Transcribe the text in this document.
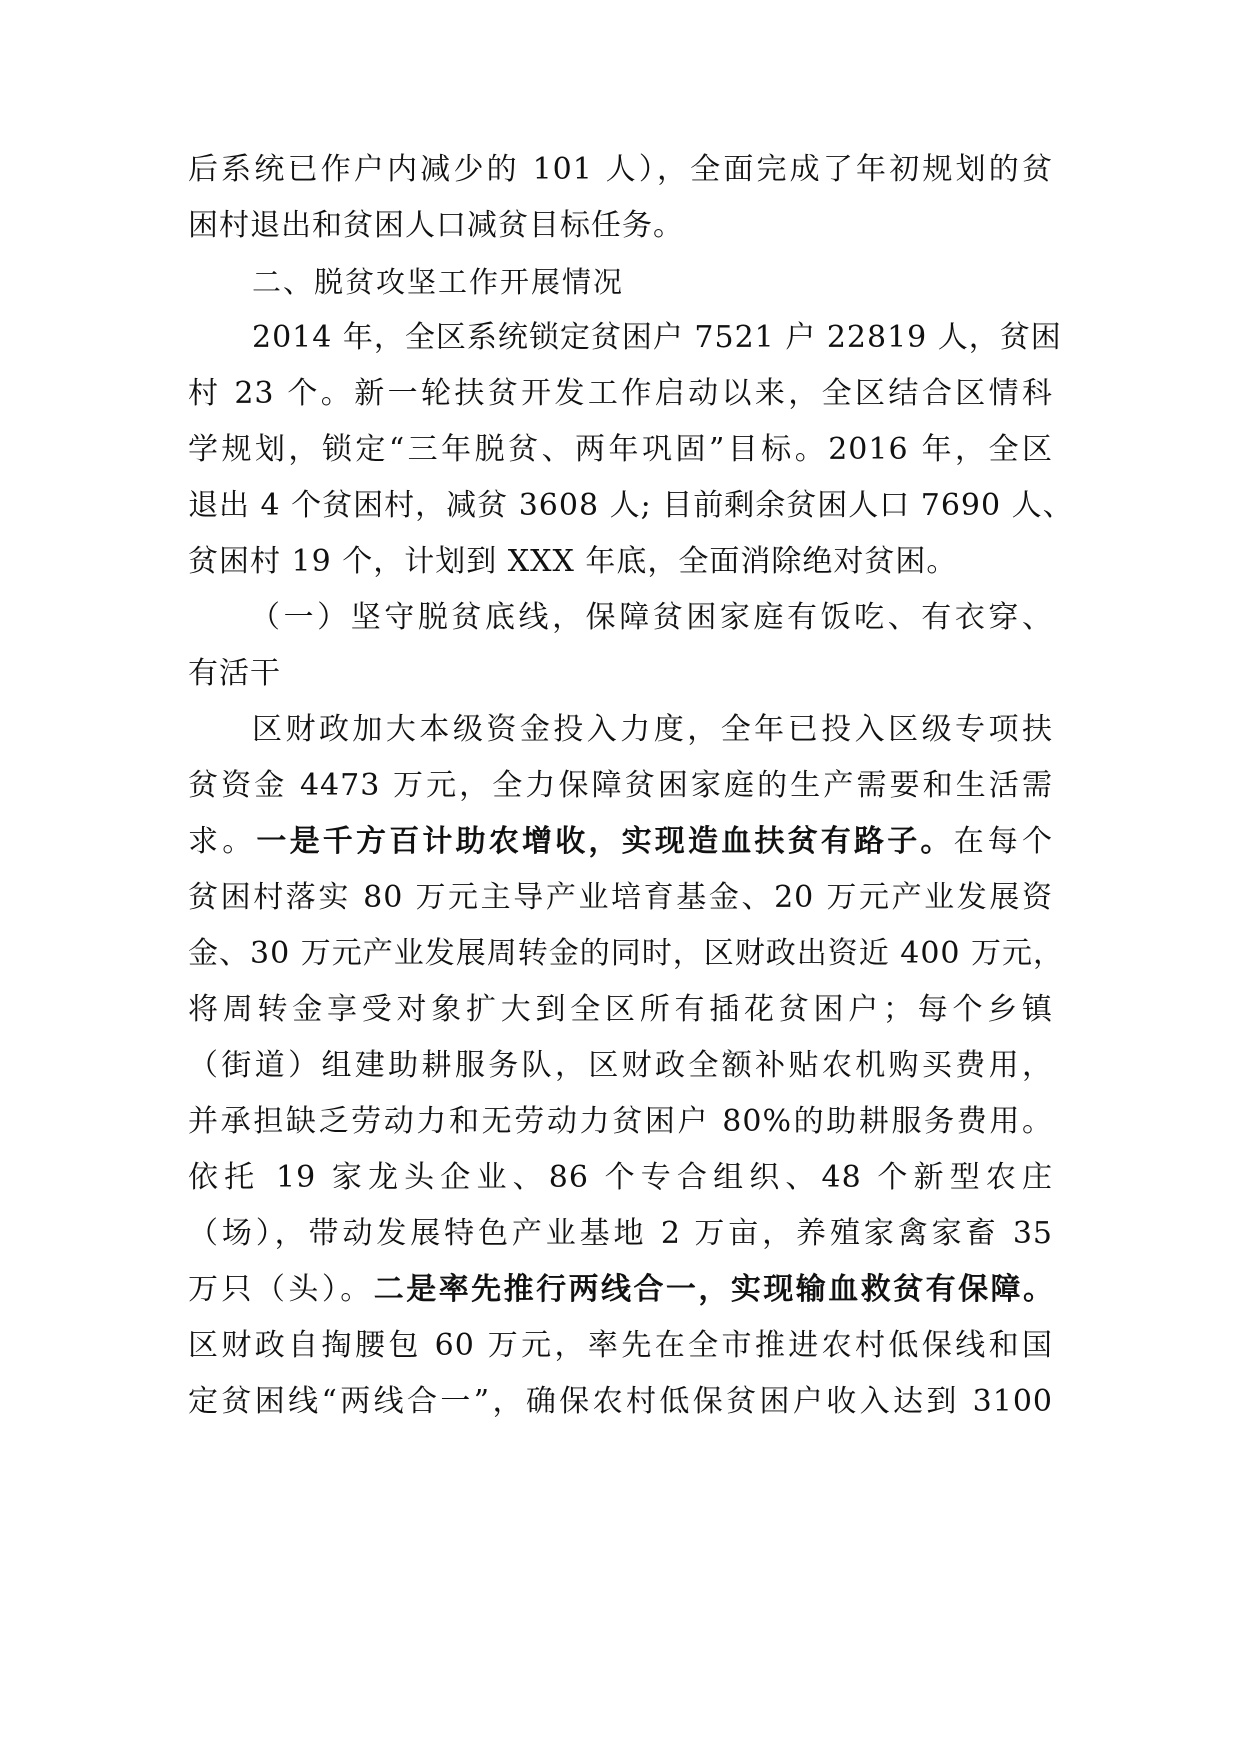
后系统已作户内减少的 101 人），全面完成了年初规划的贫
困村退出和贫困人口减贫目标任务。
二、脱贫攻坚工作开展情况
2014 年，全区系统锁定贫困户 7521 户 22819 人，贫困
村 23 个。新一轮扶贫开发工作启动以来，全区结合区情科
学规划，锁定“三年脱贫、两年巩固”目标。2016 年，全区
退出 4 个贫困村，减贫 3608 人; 目前剩余贫困人口 7690 人、
贫困村 19 个，计划到 XXX 年底，全面消除绝对贫困。
（一）坚守脱贫底线，保障贫困家庭有饭吃、有衣穿、
有活干
区财政加大本级资金投入力度，全年已投入区级专项扶
贫资金 4473 万元，全力保障贫困家庭的生产需要和生活需
求。一是千方百计助农增收，实现造血扶贫有路子。在每个
贫困村落实 80 万元主导产业培育基金、20 万元产业发展资
金、30 万元产业发展周转金的同时，区财政出资近 400 万元，
将周转金享受对象扩大到全区所有插花贫困户；每个乡镇
（街道）组建助耕服务队，区财政全额补贴农机购买费用，
并承担缺乏劳动力和无劳动力贫困户 80%的助耕服务费用。
依托 19 家龙头企业、86 个专合组织、48 个新型农庄
（场），带动发展特色产业基地 2 万亩，养殖家禽家畜 35
万只（头）。二是率先推行两线合一，实现输血救贫有保障。
区财政自掏腰包 60 万元，率先在全市推进农村低保线和国
定贫困线“两线合一”，确保农村低保贫困户收入达到 3100
